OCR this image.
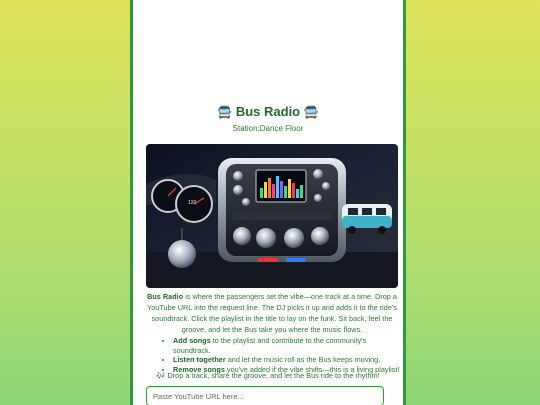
🚍 Bus Radio 🚍
Station:Dance Floor
120
Bus Radio is where the passengers set the vibe—one track at a time. Drop a YouTube URL into the request line. The DJ picks it up and adds it to the ride's soundtrack. Click the playlist in the title to lay on the funk. Sit back, feel the groove, and let the Bus take you where the music flows.
• Add songs to the playlist and contribute to the community's soundtrack.
• Listen together and let the music roll as the Bus keeps moving.
• Remove songs you've added if the vibe shifts—this is a living playlist!
🎶 Drop a track, share the groove, and let the Bus ride to the rhythm!
Paste YouTube URL here...
